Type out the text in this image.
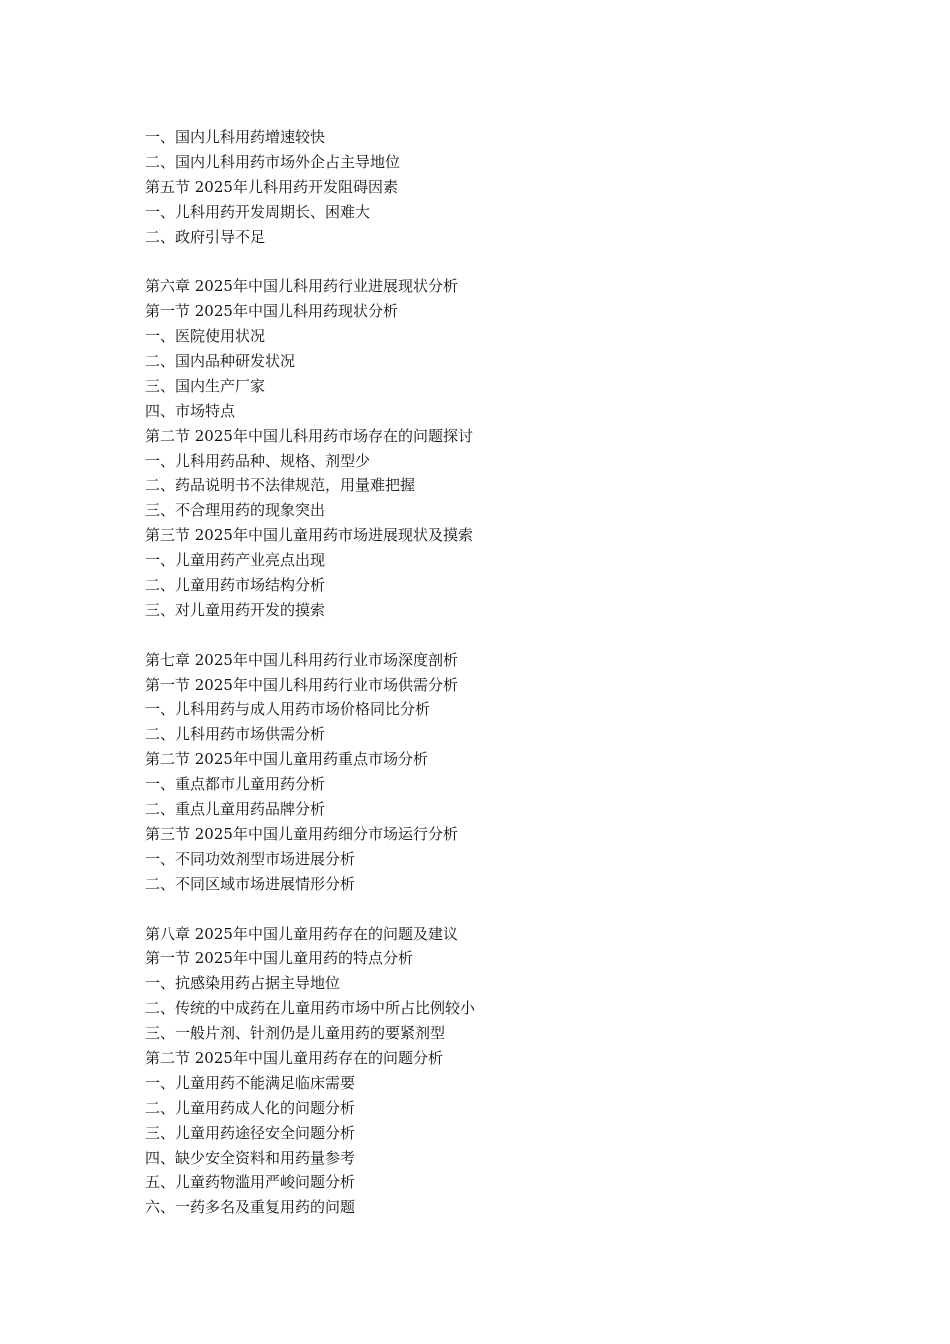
一、国内儿科用药增速较快
二、国内儿科用药市场外企占主导地位
第五节 2025年儿科用药开发阻碍因素
一、儿科用药开发周期长、困难大
二、政府引导不足
第六章 2025年中国儿科用药行业进展现状分析
第一节 2025年中国儿科用药现状分析
一、医院使用状况
二、国内品种研发状况
三、国内生产厂家
四、市场特点
第二节 2025年中国儿科用药市场存在的问题探讨
一、儿科用药品种、规格、剂型少
二、药品说明书不法律规范，用量难把握
三、不合理用药的现象突出
第三节 2025年中国儿童用药市场进展现状及摸索
一、儿童用药产业亮点出现
二、儿童用药市场结构分析
三、对儿童用药开发的摸索
第七章 2025年中国儿科用药行业市场深度剖析
第一节 2025年中国儿科用药行业市场供需分析
一、儿科用药与成人用药市场价格同比分析
二、儿科用药市场供需分析
第二节 2025年中国儿童用药重点市场分析
一、重点都市儿童用药分析
二、重点儿童用药品牌分析
第三节 2025年中国儿童用药细分市场运行分析
一、不同功效剂型市场进展分析
二、不同区域市场进展情形分析
第八章 2025年中国儿童用药存在的问题及建议
第一节 2025年中国儿童用药的特点分析
一、抗感染用药占据主导地位
二、传统的中成药在儿童用药市场中所占比例较小
三、一般片剂、针剂仍是儿童用药的要紧剂型
第二节 2025年中国儿童用药存在的问题分析
一、儿童用药不能满足临床需要
二、儿童用药成人化的问题分析
三、儿童用药途径安全问题分析
四、缺少安全资料和用药量参考
五、儿童药物滥用严峻问题分析
六、一药多名及重复用药的问题
